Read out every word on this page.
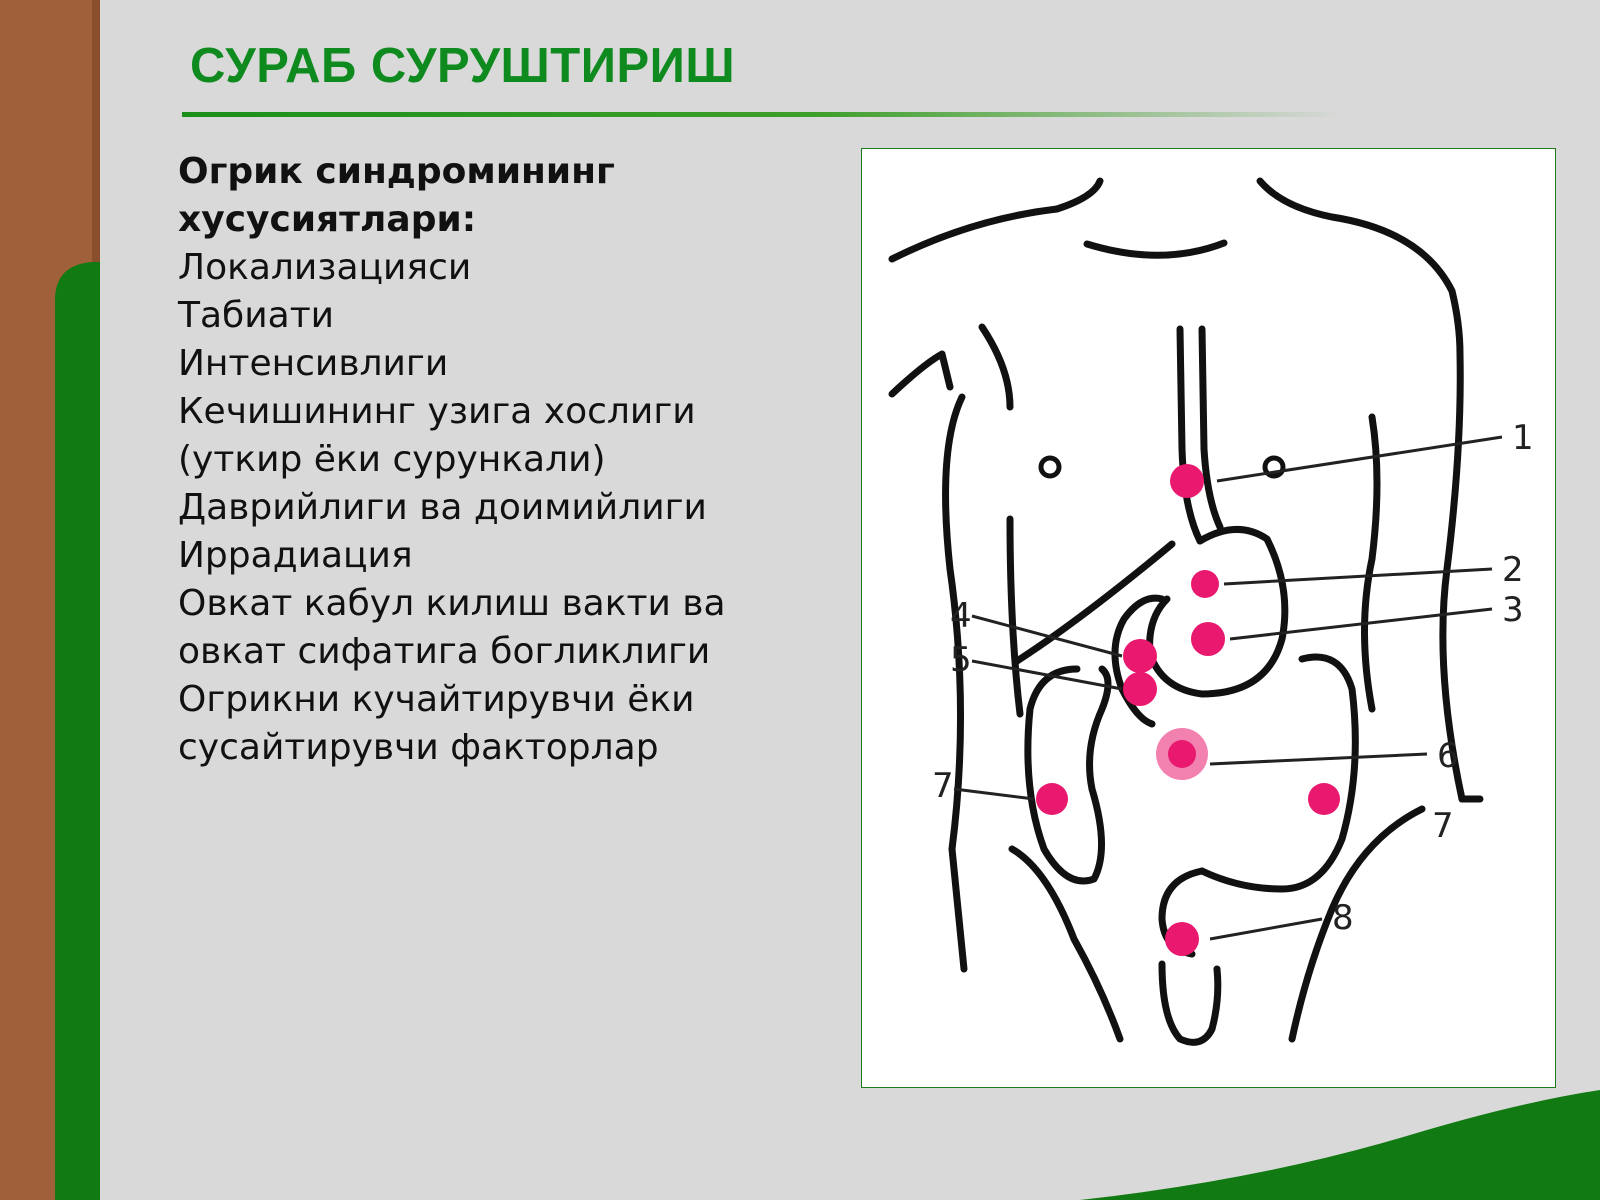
СУРАБ СУРУШТИРИШ
Огрик синдромининг хусусиятлари:
Локализацияси
Табиати
Интенсивлиги
Кечишининг узига хослиги (уткир ёки сурункали)
Даврийлиги ва доимийлиги
Иррадиация
Овкат кабул килиш вакти ва овкат сифатига богликлиги
Огрикни кучайтирувчи ёки сусайтирувчи факторлар
1
2
3
4
5
6
7
7
8
